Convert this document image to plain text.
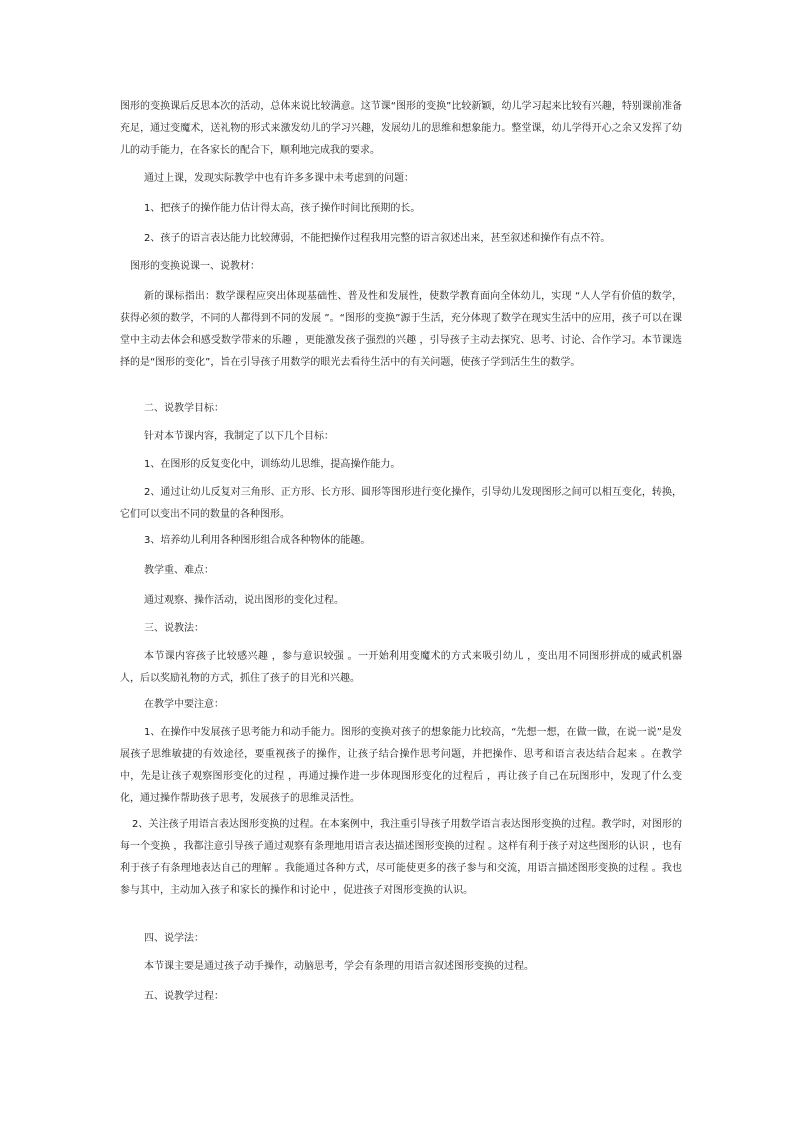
图形的变换课后反思本次的活动，总体来说比较满意。这节课“图形的变换”比较新颖，幼儿学习起来比较有兴趣，特别课前准备充足，通过变魔术，送礼物的形式来激发幼儿的学习兴趣，发展幼儿的思维和想象能力。整堂课，幼儿学得开心之余又发挥了幼儿的动手能力，在各家长的配合下，顺利地完成我的要求。

通过上课，发现实际教学中也有许多多课中未考虑到的问题：

1、把孩子的操作能力估计得太高，孩子操作时间比预期的长。

2、孩子的语言表达能力比较薄弱，不能把操作过程我用完整的语言叙述出来，甚至叙述和操作有点不符。

图形的变换说课一、说教材：

新的课标指出：数学课程应突出体现基础性、普及性和发展性，使数学教育面向全体幼儿，实现 “人人学有价值的数学，获得必须的数学，不同的人都得到不同的发展 ”。“图形的变换”源于生活，充分体现了数学在现实生活中的应用，孩子可以在课堂中主动去体会和感受数学带来的乐趣 ，更能激发孩子强烈的兴趣 ，引导孩子主动去探究、思考、讨论、合作学习。本节课选择的是“图形的变化”，旨在引导孩子用数学的眼光去看待生活中的有关问题，使孩子学到活生生的数学。

二、说教学目标：

针对本节课内容，我制定了以下几个目标：

1、在图形的反复变化中，训练幼儿思维，提高操作能力。

2、通过让幼儿反复对三角形、正方形、长方形、圆形等图形进行变化操作，引导幼儿发现图形之间可以相互变化，转换，它们可以变出不同的数量的各种图形。

3、培养幼儿利用各种图形组合成各种物体的能趣。

教学重、难点：

通过观察、操作活动，说出图形的变化过程。

三、说教法：

本节课内容孩子比较感兴趣 ，参与意识较强 。一开始利用变魔术的方式来吸引幼儿 ，变出用不同图形拼成的威武机器人，后以奖励礼物的方式，抓住了孩子的目光和兴趣。

在教学中要注意：

1、在操作中发展孩子思考能力和动手能力。图形的变换对孩子的想象能力比较高，“先想一想，在做一做，在说一说”是发展孩子思维敏捷的有效途径，要重视孩子的操作，让孩子结合操作思考问题，并把操作、思考和语言表达结合起来 。在教学中，先是让孩子观察图形变化的过程 ，再通过操作进一步体现图形变化的过程后 ，再让孩子自己在玩图形中，发现了什么变化，通过操作帮助孩子思考，发展孩子的思维灵活性。

2、关注孩子用语言表达图形变换的过程。在本案例中，我注重引导孩子用数学语言表达图形变换的过程。教学时，对图形的每一个变换 ，我都注意引导孩子通过观察有条理地用语言表达描述图形变换的过程 。这样有利于孩子对这些图形的认识 ，也有利于孩子有条理地表达自己的理解 。我能通过各种方式，尽可能使更多的孩子参与和交流，用语言描述图形变换的过程 。我也参与其中，主动加入孩子和家长的操作和讨论中 ，促进孩子对图形变换的认识。

四、说学法：

本节课主要是通过孩子动手操作，动脑思考，学会有条理的用语言叙述图形变换的过程。

五、说教学过程：
